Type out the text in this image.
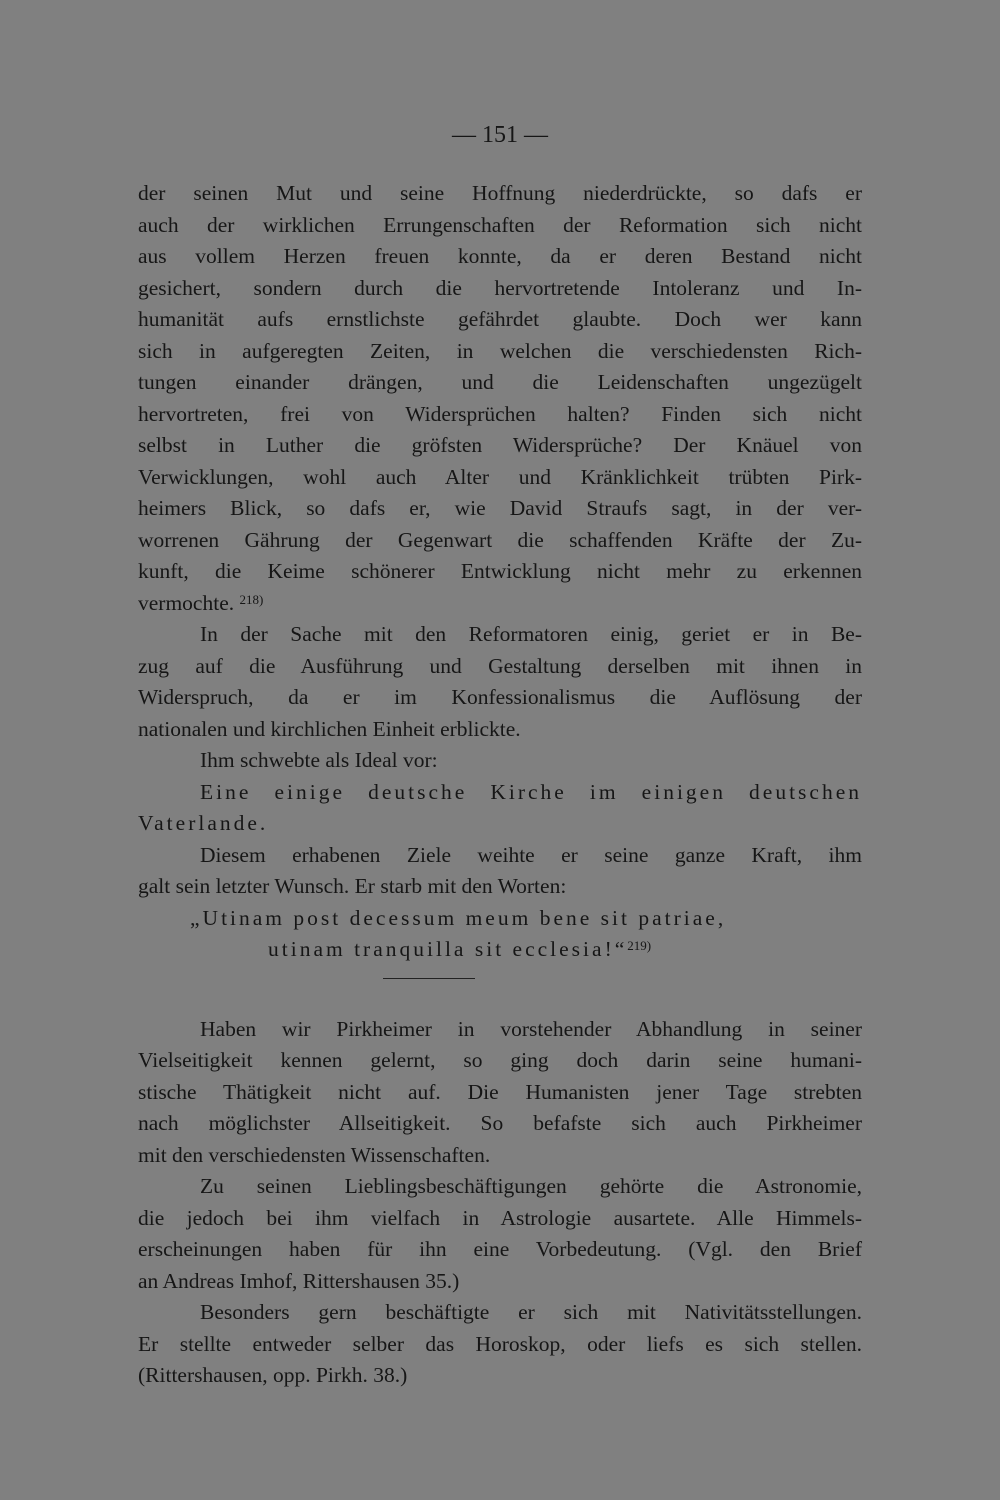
— 151 —
der seinen Mut und seine Hoffnung niederdrückte, so dafs er
auch der wirklichen Errungenschaften der Reformation sich nicht
aus vollem Herzen freuen konnte, da er deren Bestand nicht
gesichert, sondern durch die hervortretende Intoleranz und In-
humanität aufs ernstlichste gefährdet glaubte. Doch wer kann
sich in aufgeregten Zeiten, in welchen die verschiedensten Rich-
tungen einander drängen, und die Leidenschaften ungezügelt
hervortreten, frei von Widersprüchen halten? Finden sich nicht
selbst in Luther die gröfsten Widersprüche? Der Knäuel von
Verwicklungen, wohl auch Alter und Kränklichkeit trübten Pirk-
heimers Blick, so dafs er, wie David Straufs sagt, in der ver-
worrenen Gährung der Gegenwart die schaffenden Kräfte der Zu-
kunft, die Keime schönerer Entwicklung nicht mehr zu erkennen
vermochte. $^{218)}$
In der Sache mit den Reformatoren einig, geriet er in Be-
zug auf die Ausführung und Gestaltung derselben mit ihnen in
Widerspruch, da er im Konfessionalismus die Auflösung der
nationalen und kirchlichen Einheit erblickte.
Ihm schwebte als Ideal vor:
Eine einige deutsche Kirche im einigen deutschen
Vaterlande.
Diesem erhabenen Ziele weihte er seine ganze Kraft, ihm
galt sein letzter Wunsch. Er starb mit den Worten:
„Utinam post decessum meum bene sit patriae,
utinam tranquilla sit ecclesia!“$^{219)}$
Haben wir Pirkheimer in vorstehender Abhandlung in seiner
Vielseitigkeit kennen gelernt, so ging doch darin seine humani-
stische Thätigkeit nicht auf. Die Humanisten jener Tage strebten
nach möglichster Allseitigkeit. So befafste sich auch Pirkheimer
mit den verschiedensten Wissenschaften.
Zu seinen Lieblingsbeschäftigungen gehörte die Astronomie,
die jedoch bei ihm vielfach in Astrologie ausartete. Alle Himmels-
erscheinungen haben für ihn eine Vorbedeutung. (Vgl. den Brief
an Andreas Imhof, Rittershausen 35.)
Besonders gern beschäftigte er sich mit Nativitätsstellungen.
Er stellte entweder selber das Horoskop, oder liefs es sich stellen.
(Rittershausen, opp. Pirkh. 38.)
